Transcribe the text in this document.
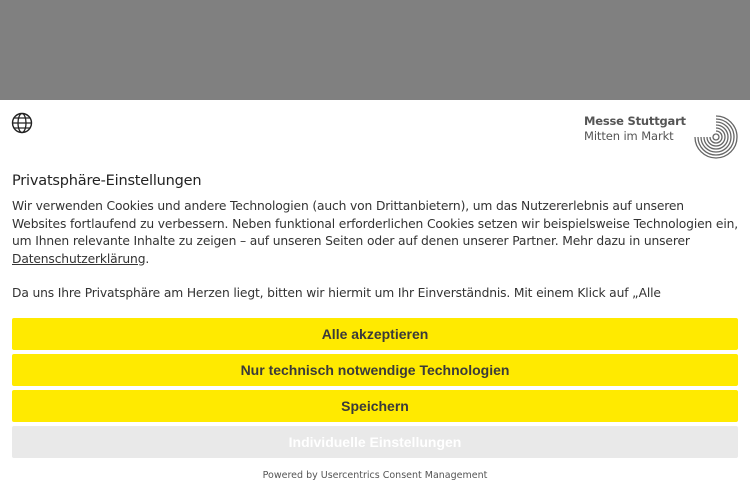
Messe Stuttgart
Mitten im Markt
Privatsphäre-Einstellungen

Wir verwenden Cookies und andere Technologien (auch von Drittanbietern), um das Nutzererlebnis auf unseren Websites fortlaufend zu verbessern. Neben funktional erforderlichen Cookies setzen wir beispielsweise Technologien ein, um Ihnen relevante Inhalte zu zeigen – auf unseren Seiten oder auf denen unserer Partner. Mehr dazu in unserer Datenschutzerklärung.

Da uns Ihre Privatsphäre am Herzen liegt, bitten wir hiermit um Ihr Einverständnis. Mit einem Klick auf „Alle

Alle akzeptieren
Nur technisch notwendige Technologien
Speichern
Individuelle Einstellungen
Powered by Usercentrics Consent Management
